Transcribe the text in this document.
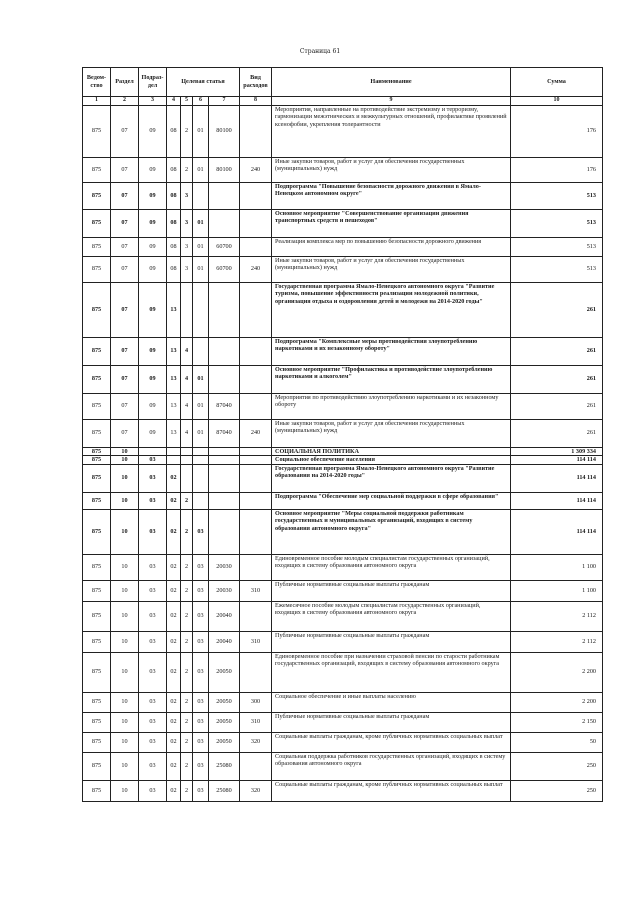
Страница 61
Ведом-ство	Раздел	Подраз-дел	Целевая статья				Вид расходов	Наименование	Сумма
1	2	3	4	5	6	7	8	9	10
875	07	09	08	2	01	80100		Мероприятия, направленные на противодействие экстремизму и терроризму, гармонизации межэтнических и межкультурных отношений, профилактике проявлений ксенофобии, укрепления толерантности	176
875	07	09	08	2	01	80100	240	Иные закупки товаров, работ и услуг для обеспечения государственных (муниципальных) нужд	176
875	07	09	08	3				Подпрограмма "Повышение безопасности дорожного движения в Ямало-Ненецком автономном округе"	513
875	07	09	08	3	01			Основное мероприятие "Совершенствование организации движения транспортных средств и пешеходов"	513
875	07	09	08	3	01	60700		Реализация комплекса мер по повышению безопасности дорожного движения	513
875	07	09	08	3	01	60700	240	Иные закупки товаров, работ и услуг для обеспечения государственных (муниципальных) нужд	513
875	07	09	13					Государственная программа Ямало-Ненецкого автономного округа "Развитие туризма, повышение эффективности реализации молодежной политики, организация отдыха и оздоровления детей и молодежи на 2014-2020 годы"	261
875	07	09	13	4				Подпрограмма "Комплексные меры противодействия злоупотреблению наркотиками и их незаконному обороту"	261
875	07	09	13	4	01			Основное мероприятие "Профилактика и противодействие злоупотреблению наркотиками и алкоголем"	261
875	07	09	13	4	01	87040		Мероприятия по противодействию злоупотреблению наркотиками и их незаконному обороту	261
875	07	09	13	4	01	87040	240	Иные закупки товаров, работ и услуг для обеспечения государственных (муниципальных) нужд	261
875	10							СОЦИАЛЬНАЯ ПОЛИТИКА	1 309 334
875	10	03						Социальное обеспечение населения	114 114
875	10	03	02					Государственная программа Ямало-Ненецкого автономного округа "Развитие образования на 2014-2020 годы"	114 114
875	10	03	02	2				Подпрограмма "Обеспечение мер социальной поддержки в сфере образования"	114 114
875	10	03	02	2	03			Основное мероприятие "Меры социальной поддержки работникам государственных и муниципальных организаций, входящих в систему образования автономного округа"	114 114
875	10	03	02	2	03	20030		Единовременное пособие молодым специалистам государственных организаций, входящих в систему образования автономного округа	1 100
875	10	03	02	2	03	20030	310	Публичные нормативные социальные выплаты гражданам	1 100
875	10	03	02	2	03	20040		Ежемесячное пособие молодым специалистам государственных организаций, входящих в систему образования автономного округа	2 112
875	10	03	02	2	03	20040	310	Публичные нормативные социальные выплаты гражданам	2 112
875	10	03	02	2	03	20050		Единовременное пособие при назначении страховой пенсии по старости работникам государственных организаций, входящих в систему образования автономного округа	2 200
875	10	03	02	2	03	20050	300	Социальное обеспечение и иные выплаты населению	2 200
875	10	03	02	2	03	20050	310	Публичные нормативные социальные выплаты гражданам	2 150
875	10	03	02	2	03	20050	320	Социальные выплаты гражданам, кроме публичных нормативных социальных выплат	50
875	10	03	02	2	03	25080		Социальная поддержка работников государственных организаций, входящих в систему образования автономного округа	250
875	10	03	02	2	03	25080	320	Социальные выплаты гражданам, кроме публичных нормативных социальных выплат	250
